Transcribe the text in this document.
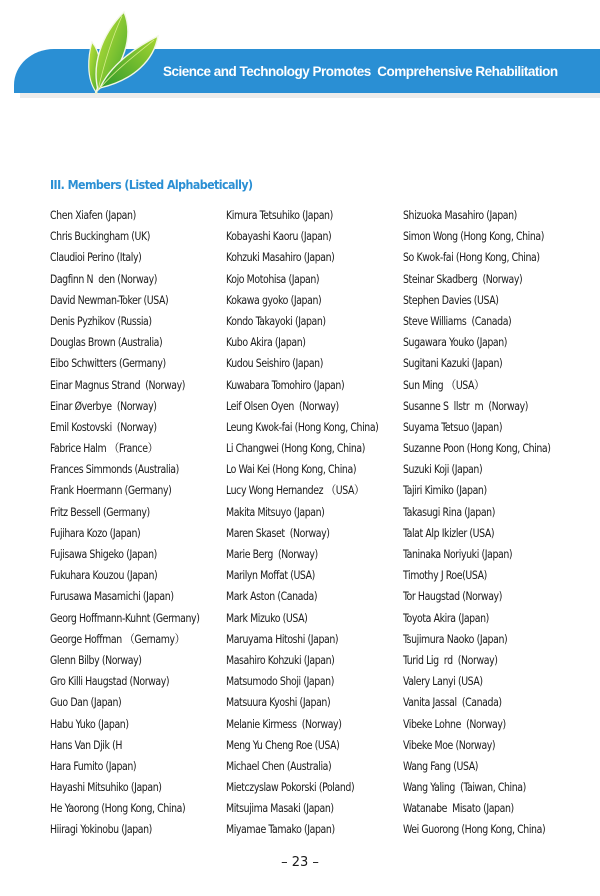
Science and Technology Promotes  Comprehensive Rehabilitation
III. Members (Listed Alphabetically)
Chen Xiafen (Japan)
Chris Buckingham (UK)
Claudioi Perino (Italy)
Dagfinn N  den (Norway)
David Newman-Toker (USA)
Denis Pyzhikov (Russia)
Douglas Brown (Australia)
Eibo Schwitters (Germany)
Einar Magnus Strand  (Norway)
Einar Øverbye  (Norway)
Emil Kostovski  (Norway)
Fabrice Halm （France）
Frances Simmonds (Australia)
Frank Hoermann (Germany)
Fritz Bessell (Germany)
Fujihara Kozo (Japan)
Fujisawa Shigeko (Japan)
Fukuhara Kouzou (Japan)
Furusawa Masamichi (Japan)
Georg Hoffmann-Kuhnt (Germany)
George Hoffman （Gernamy）
Glenn Bilby (Norway)
Gro Killi Haugstad (Norway)
Guo Dan (Japan)
Habu Yuko (Japan)
Hans Van Djik (H
Hara Fumito (Japan)
Hayashi Mitsuhiko (Japan)
He Yaorong (Hong Kong, China)
Hiiragi Yokinobu (Japan)
Kimura Tetsuhiko (Japan)
Kobayashi Kaoru (Japan)
Kohzuki Masahiro (Japan)
Kojo Motohisa (Japan)
Kokawa gyoko (Japan)
Kondo Takayoki (Japan)
Kubo Akira (Japan)
Kudou Seishiro (Japan)
Kuwabara Tomohiro (Japan)
Leif Olsen Oyen  (Norway)
Leung Kwok-fai (Hong Kong, China)
Li Changwei (Hong Kong, China)
Lo Wai Kei (Hong Kong, China)
Lucy Wong Hernandez （USA）
Makita Mitsuyo (Japan)
Maren Skaset  (Norway)
Marie Berg  (Norway)
Marilyn Moffat (USA)
Mark Aston (Canada)
Mark Mizuko (USA)
Maruyama Hitoshi (Japan)
Masahiro Kohzuki (Japan)
Matsumodo Shoji (Japan)
Matsuura Kyoshi (Japan)
Melanie Kirmess  (Norway)
Meng Yu Cheng Roe (USA)
Michael Chen (Australia)
Mietczyslaw Pokorski (Poland)
Mitsujima Masaki (Japan)
Miyamae Tamako (Japan)
Shizuoka Masahiro (Japan)
Simon Wong (Hong Kong, China)
So Kwok-fai (Hong Kong, China)
Steinar Skadberg  (Norway)
Stephen Davies (USA)
Steve Williams  (Canada)
Sugawara Youko (Japan)
Sugitani Kazuki (Japan)
Sun Ming （USA）
Susanne S  llstr  m  (Norway)
Suyama Tetsuo (Japan)
Suzanne Poon (Hong Kong, China)
Suzuki Koji (Japan)
Tajiri Kimiko (Japan)
Takasugi Rina (Japan)
Talat Alp Ikizler (USA)
Taninaka Noriyuki (Japan)
Timothy J Roe(USA)
Tor Haugstad (Norway)
Toyota Akira (Japan)
Tsujimura Naoko (Japan)
Turid Lig  rd  (Norway)
Valery Lanyi (USA)
Vanita Jassal  (Canada)
Vibeke Lohne  (Norway)
Vibeke Moe (Norway)
Wang Fang (USA)
Wang Yaling  (Taiwan, China)
Watanabe  Misato (Japan)
Wei Guorong (Hong Kong, China)
– 23 –
